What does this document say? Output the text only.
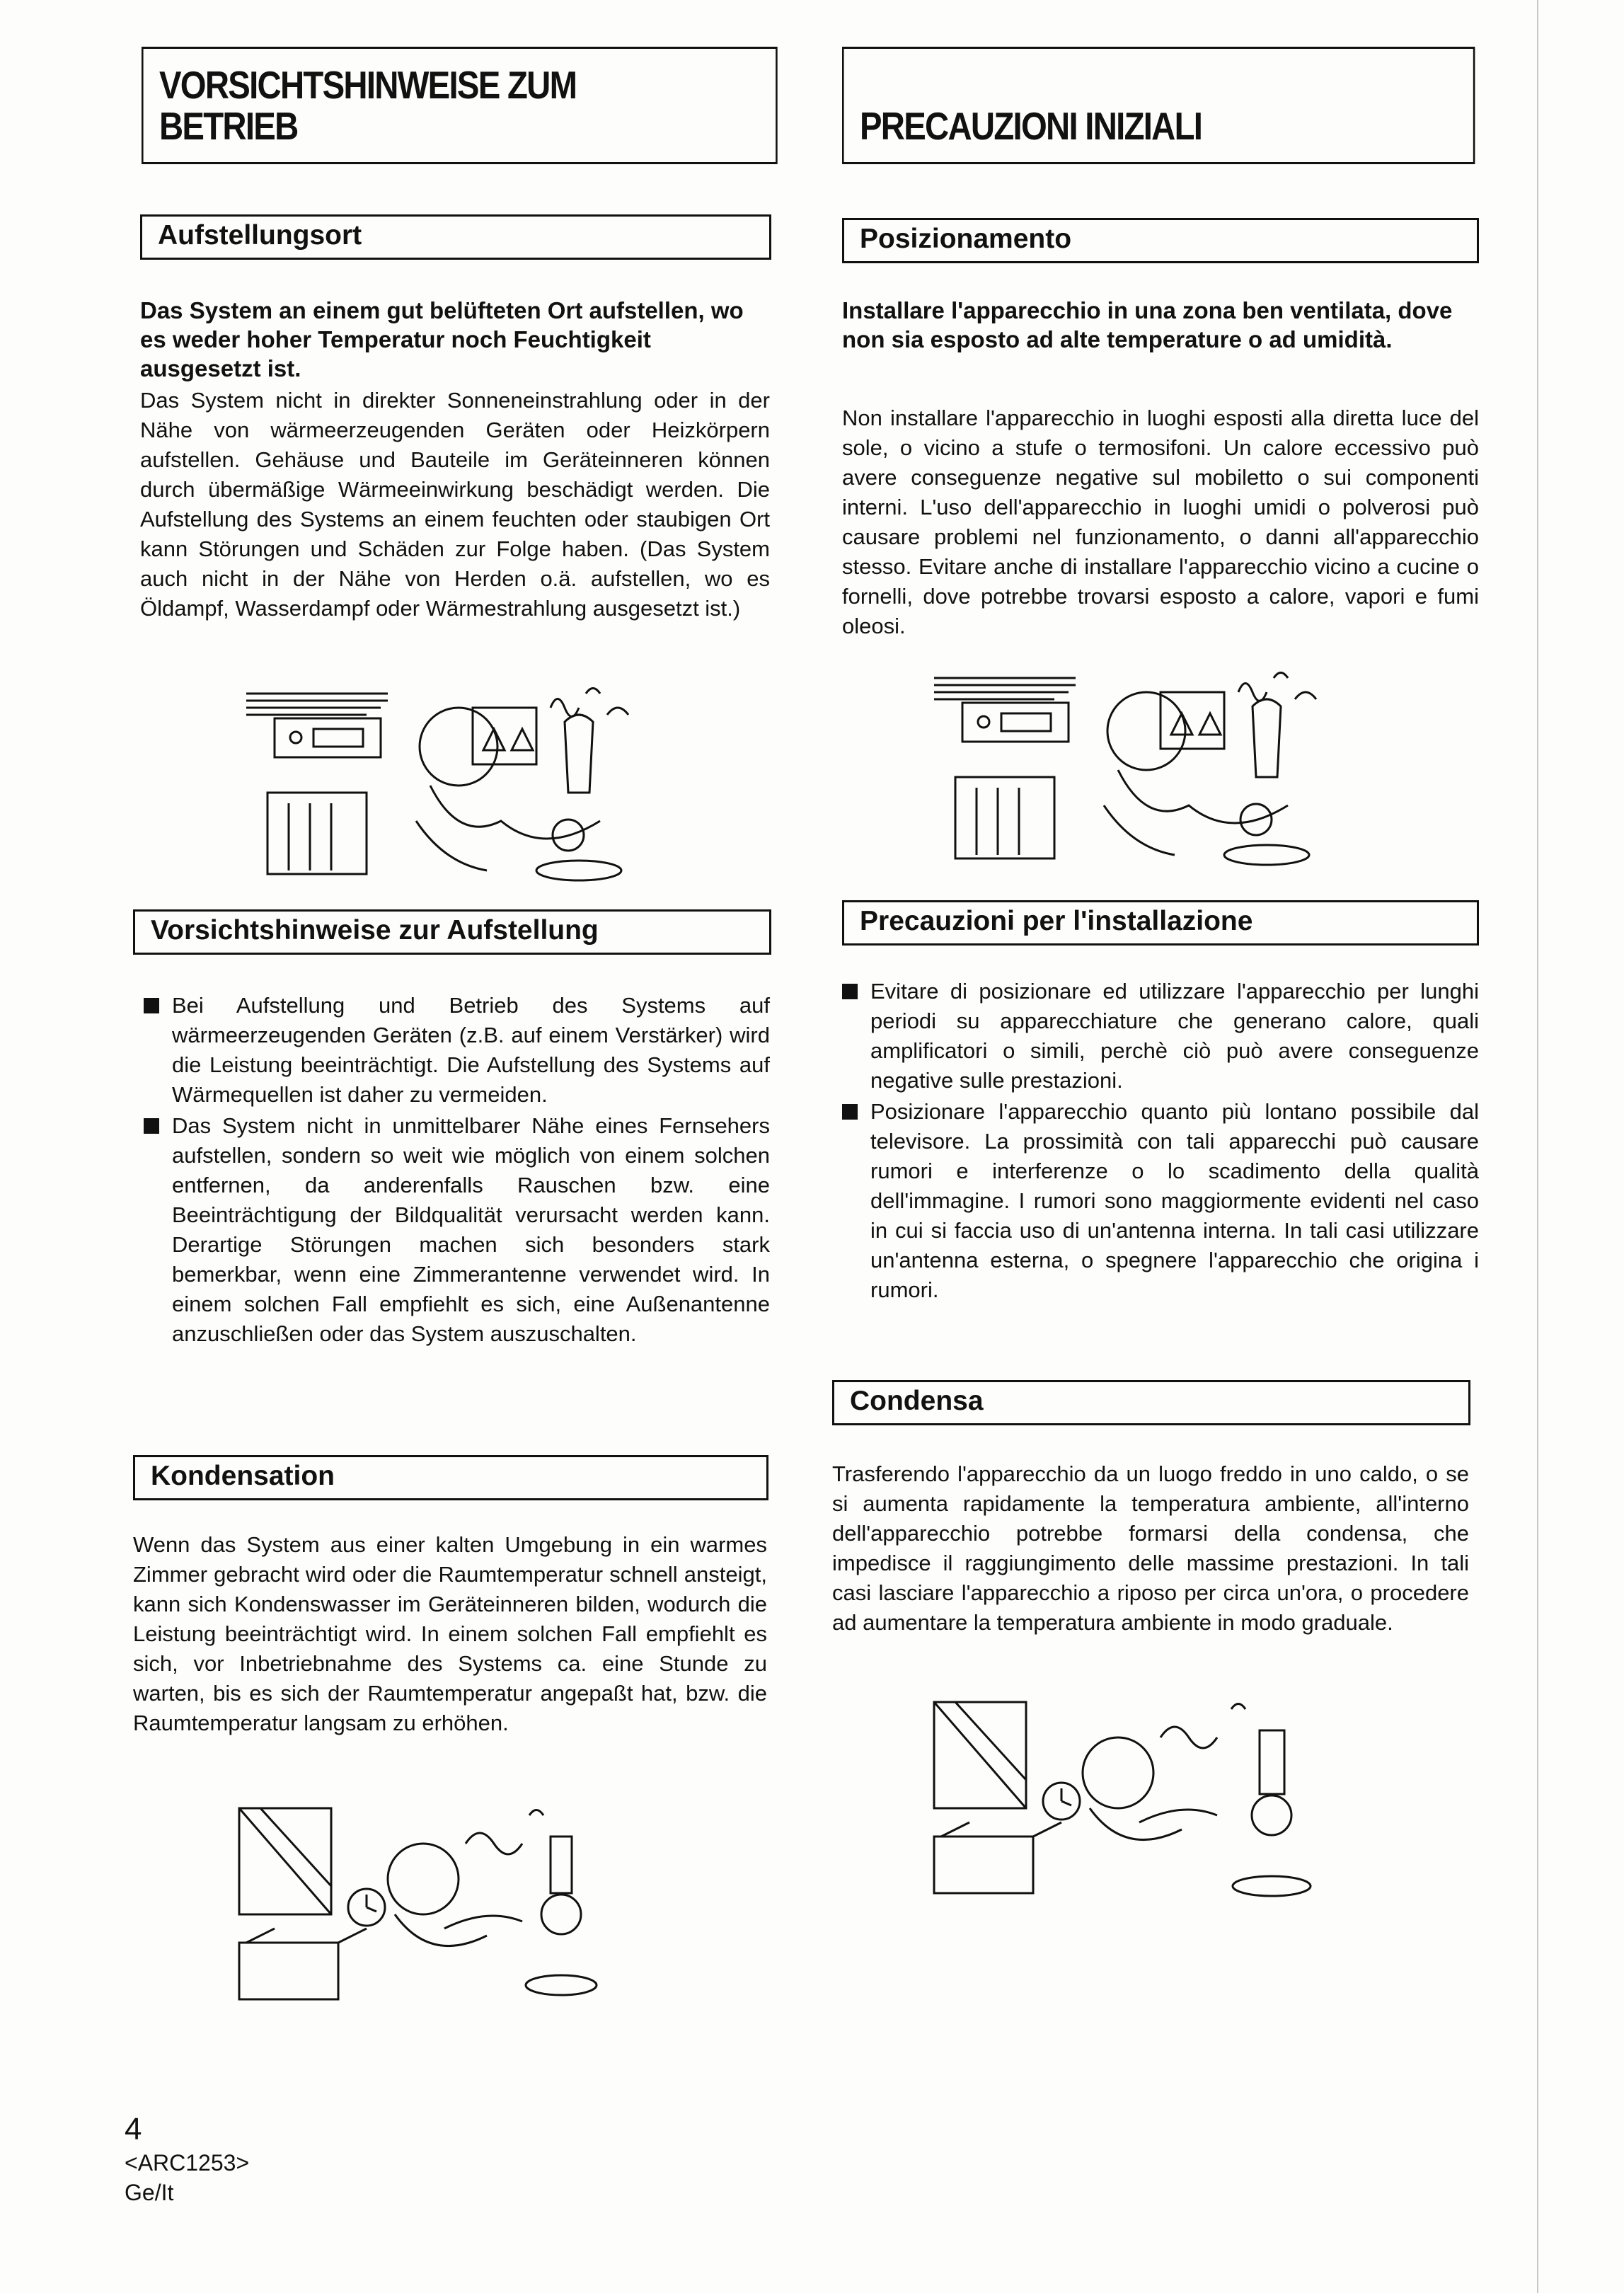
VORSICHTSHINWEISE ZUM
BETRIEB
Aufstellungsort
Das System an einem gut belüfteten Ort aufstellen, wo es weder hoher Temperatur noch Feuchtigkeit ausgesetzt ist.
Das System nicht in direkter Sonneneinstrahlung oder in der Nähe von wärmeerzeugenden Geräten oder Heizkörpern aufstellen. Gehäuse und Bauteile im Geräteinneren können durch übermäßige Wärmeeinwirkung beschädigt werden. Die Aufstellung des Systems an einem feuchten oder staubigen Ort kann Störungen und Schäden zur Folge haben. (Das System auch nicht in der Nähe von Herden o.ä. aufstellen, wo es Öldampf, Wasserdampf oder Wärmestrahlung ausgesetzt ist.)
Vorsichtshinweise zur Aufstellung
Bei Aufstellung und Betrieb des Systems auf wärmeerzeugenden Geräten (z.B. auf einem Verstärker) wird die Leistung beeinträchtigt. Die Aufstellung des Systems auf Wärmequellen ist daher zu vermeiden.
Das System nicht in unmittelbarer Nähe eines Fernsehers aufstellen, sondern so weit wie möglich von einem solchen entfernen, da anderenfalls Rauschen bzw. eine Beeinträchtigung der Bildqualität verursacht werden kann. Derartige Störungen machen sich besonders stark bemerkbar, wenn eine Zimmerantenne verwendet wird. In einem solchen Fall empfiehlt es sich, eine Außenantenne anzuschließen oder das System auszuschalten.
Kondensation
Wenn das System aus einer kalten Umgebung in ein warmes Zimmer gebracht wird oder die Raumtemperatur schnell ansteigt, kann sich Kondenswasser im Geräteinneren bilden, wodurch die Leistung beeinträchtigt wird. In einem solchen Fall empfiehlt es sich, vor Inbetriebnahme des Systems ca. eine Stunde zu warten, bis es sich der Raumtemperatur angepaßt hat, bzw. die Raumtemperatur langsam zu erhöhen.
4
<ARC1253>
Ge/It
PRECAUZIONI INIZIALI
Posizionamento
Installare l'apparecchio in una zona ben ventilata, dove non sia esposto ad alte temperature o ad umidità.
Non installare l'apparecchio in luoghi esposti alla diretta luce del sole, o vicino a stufe o termosifoni. Un calore eccessivo può avere conseguenze negative sul mobiletto o sui componenti interni. L'uso dell'apparecchio in luoghi umidi o polverosi può causare problemi nel funzionamento, o danni all'apparecchio stesso. Evitare anche di installare l'apparecchio vicino a cucine o fornelli, dove potrebbe trovarsi esposto a calore, vapori e fumi oleosi.
Precauzioni per l'installazione
Evitare di posizionare ed utilizzare l'apparecchio per lunghi periodi su apparecchiature che generano calore, quali amplificatori o simili, perchè ciò può avere conseguenze negative sulle prestazioni.
Posizionare l'apparecchio quanto più lontano possibile dal televisore. La prossimità con tali apparecchi può causare rumori e interferenze o lo scadimento della qualità dell'immagine. I rumori sono maggiormente evidenti nel caso in cui si faccia uso di un'antenna interna. In tali casi utilizzare un'antenna esterna, o spegnere l'apparecchio che origina i rumori.
Condensa
Trasferendo l'apparecchio da un luogo freddo in uno caldo, o se si aumenta rapidamente la temperatura ambiente, all'interno dell'apparecchio potrebbe formarsi della condensa, che impedisce il raggiungimento delle massime prestazioni. In tali casi lasciare l'apparecchio a riposo per circa un'ora, o procedere ad aumentare la temperatura ambiente in modo graduale.
